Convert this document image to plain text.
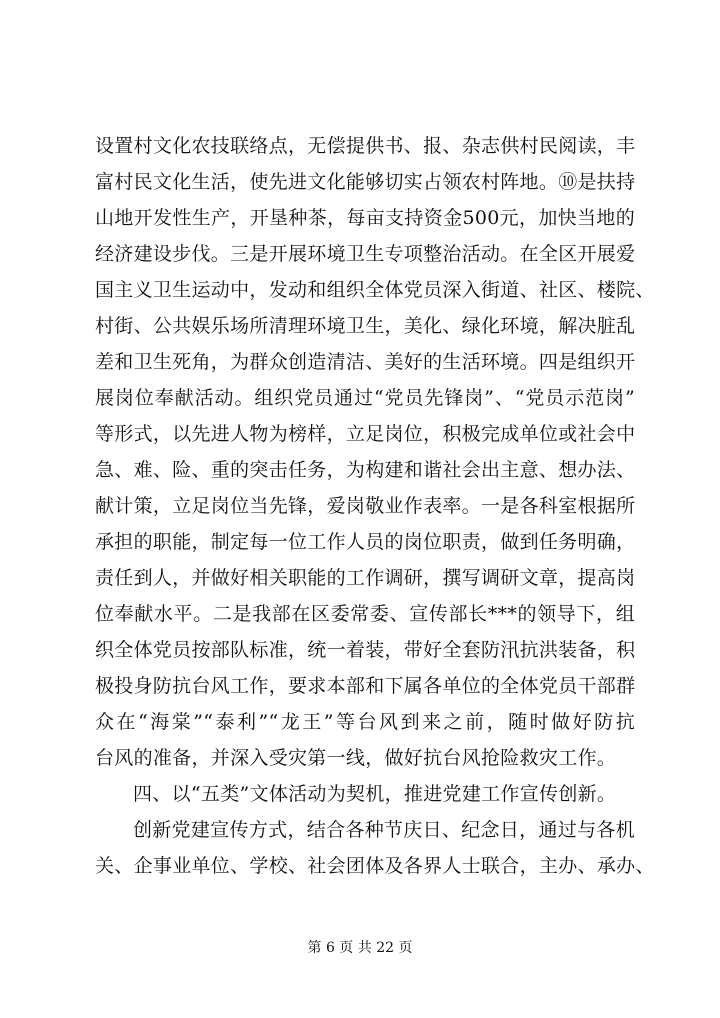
设置村文化农技联络点，无偿提供书、报、杂志供村民阅读，丰
富村民文化生活，使先进文化能够切实占领农村阵地。⑩是扶持
山地开发性生产，开垦种茶，每亩支持资金500元，加快当地的
经济建设步伐。三是开展环境卫生专项整治活动。在全区开展爱
国主义卫生运动中，发动和组织全体党员深入街道、社区、楼院、
村街、公共娱乐场所清理环境卫生，美化、绿化环境，解决脏乱
差和卫生死角，为群众创造清洁、美好的生活环境。四是组织开
展岗位奉献活动。组织党员通过“党员先锋岗”、“党员示范岗”
等形式，以先进人物为榜样，立足岗位，积极完成单位或社会中
急、难、险、重的突击任务，为构建和谐社会出主意、想办法、
献计策，立足岗位当先锋，爱岗敬业作表率。一是各科室根据所
承担的职能，制定每一位工作人员的岗位职责，做到任务明确，
责任到人，并做好相关职能的工作调研，撰写调研文章，提高岗
位奉献水平。二是我部在区委常委、宣传部长***的领导下，组
织全体党员按部队标准，统一着装，带好全套防汛抗洪装备，积
极投身防抗台风工作，要求本部和下属各单位的全体党员干部群
众在“海棠”“泰利”“龙王”等台风到来之前，随时做好防抗
台风的准备，并深入受灾第一线，做好抗台风抢险救灾工作。
四、以“五类”文体活动为契机，推进党建工作宣传创新。
创新党建宣传方式，结合各种节庆日、纪念日，通过与各机
关、企事业单位、学校、社会团体及各界人士联合，主办、承办、
第 6 页 共 22 页
